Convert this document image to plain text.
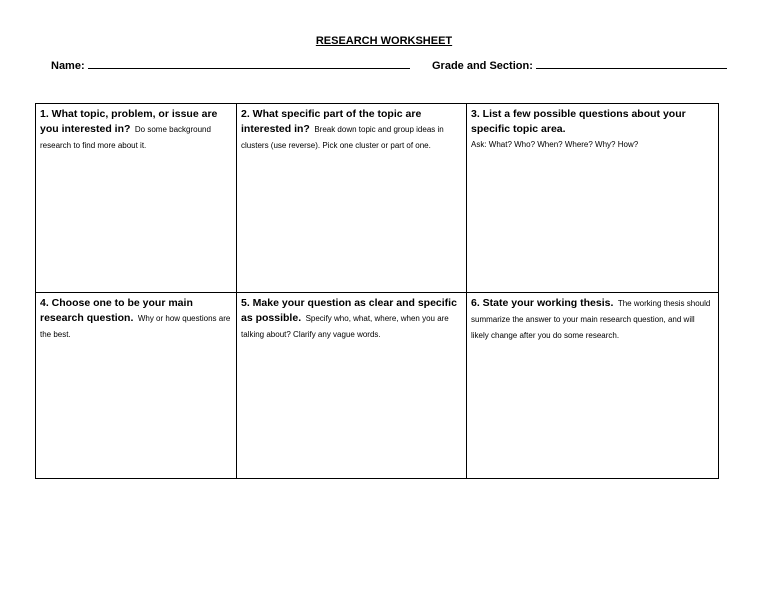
RESEARCH WORKSHEET
Name:	Grade and Section:
1. What topic, problem, or issue are you interested in? Do some background research to find more about it.
2. What specific part of the topic are interested in? Break down topic and group ideas in clusters (use reverse). Pick one cluster or part of one.
3. List a few possible questions about your specific topic area.
Ask: What? Who? When? Where? Why? How?
4. Choose one to be your main research question. Why or how questions are the best.
5. Make your question as clear and specific as possible. Specify who, what, where, when you are talking about? Clarify any vague words.
6. State your working thesis. The working thesis should summarize the answer to your main research question, and will likely change after you do some research.
